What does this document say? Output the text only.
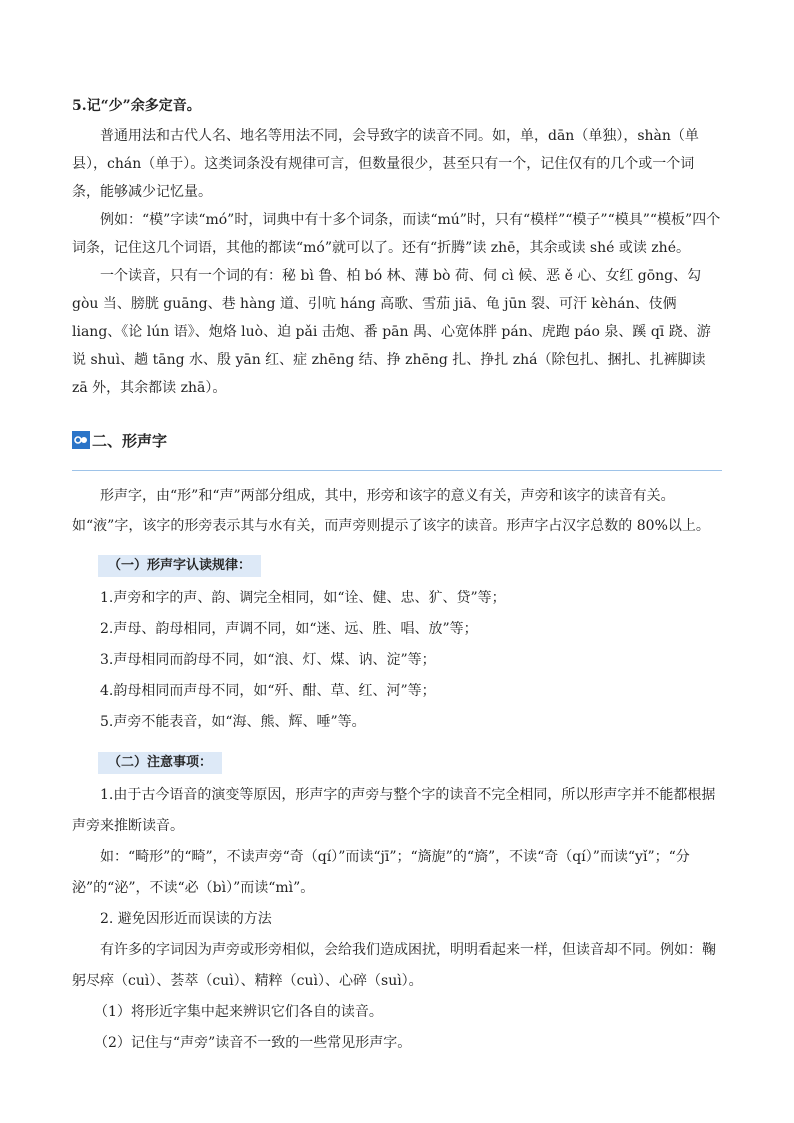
5.记“少”余多定音。

普通用法和古代人名、地名等用法不同，会导致字的读音不同。如，单，dān（单独），shàn（单县），chán（单于）。这类词条没有规律可言，但数量很少，甚至只有一个，记住仅有的几个或一个词条，能够减少记忆量。

例如：“模”字读“mó”时，词典中有十多个词条，而读“mú”时，只有“模样”“模子”“模具”“模板”四个词条，记住这几个词语，其他的都读“mó”就可以了。还有“折腾”读 zhē，其余或读 shé 或读 zhé。

一个读音，只有一个词的有：秘 bì 鲁、柏 bó 林、薄 bò 荷、伺 cì 候、恶 ě 心、女红 gōng、勾 gòu 当、膀胱 guāng、巷 hàng 道、引吭 háng 高歌、雪茄 jiā、龟 jūn 裂、可汗 kèhán、伎俩 liang、《论 lún 语》、炮烙 luò、迫 pǎi 击炮、番 pān 禺、心宽体胖 pán、虎跑 páo 泉、蹊 qī 跷、游说 shuì、趟 tāng 水、殷 yān 红、症 zhēng 结、挣 zhēng 扎、挣扎 zhá（除包扎、捆扎、扎裤脚读 zā 外，其余都读 zhā）。

二、形声字

形声字，由“形”和“声”两部分组成，其中，形旁和该字的意义有关，声旁和该字的读音有关。如“液”字，该字的形旁表示其与水有关，而声旁则提示了该字的读音。形声字占汉字总数的 80%以上。

（一）形声字认读规律：

1.声旁和字的声、韵、调完全相同，如“诠、健、忠、犷、贷”等；

2.声母、韵母相同，声调不同，如“迷、远、胜、唱、放”等；

3.声母相同而韵母不同，如“浪、灯、煤、讷、淀”等；

4.韵母相同而声母不同，如“歼、酣、草、红、河”等；

5.声旁不能表音，如“海、熊、辉、唾”等。

（二）注意事项：

1.由于古今语音的演变等原因，形声字的声旁与整个字的读音不完全相同，所以形声字并不能都根据声旁来推断读音。

如：“畸形”的“畸”，不读声旁“奇（qí）”而读“jī”；“旖旎”的“旖”，不读“奇（qí）”而读“yǐ”；“分泌”的“泌”，不读“必（bì）”而读“mì”。

2. 避免因形近而误读的方法

有许多的字词因为声旁或形旁相似，会给我们造成困扰，明明看起来一样，但读音却不同。例如：鞠躬尽瘁（cuì）、荟萃（cuì）、精粹（cuì）、心碎（suì）。

（1）将形近字集中起来辨识它们各自的读音。

（2）记住与“声旁”读音不一致的一些常见形声字。
